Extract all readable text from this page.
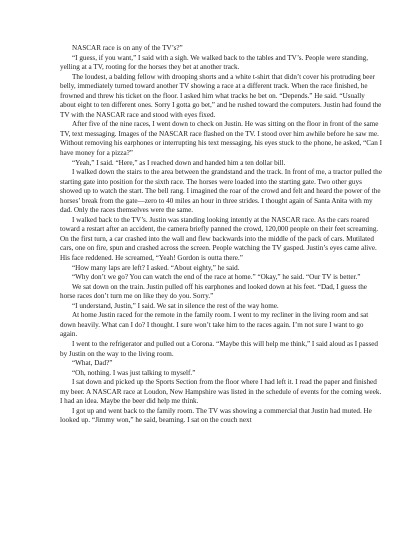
NASCAR race is on any of the TV’s?”

“I guess, if you want,” I said with a sigh. We walked back to the tables and TV’s. People were standing, yelling at a TV, rooting for the horses they bet at another track.

The loudest, a balding fellow with drooping shorts and a white t-shirt that didn’t cover his protruding beer belly, immediately turned toward another TV showing a race at a different track. When the race finished, he frowned and threw his ticket on the floor. I asked him what tracks he bet on. “Depends.” He said. “Usually about eight to ten different ones. Sorry I gotta go bet,” and he rushed toward the computers. Justin had found the TV with the NASCAR race and stood with eyes fixed.

After five of the nine races, I went down to check on Justin. He was sitting on the floor in front of the same TV, text messaging. Images of the NASCAR race flashed on the TV. I stood over him awhile before he saw me. Without removing his earphones or interrupting his text messaging, his eyes stuck to the phone, he asked, “Can I have money for a pizza?”

“Yeah,” I said. “Here,” as I reached down and handed him a ten dollar bill.

I walked down the stairs to the area between the grandstand and the track. In front of me, a tractor pulled the starting gate into position for the sixth race. The horses were loaded into the starting gate. Two other guys showed up to watch the start. The bell rang. I imagined the roar of the crowd and felt and heard the power of the horses’ break from the gate—zero to 40 miles an hour in three strides. I thought again of Santa Anita with my dad. Only the races themselves were the same.

I walked back to the TV’s. Justin was standing looking intently at the NASCAR race. As the cars roared toward a restart after an accident, the camera briefly panned the crowd, 120,000 people on their feet screaming. On the first turn, a car crashed into the wall and flew backwards into the middle of the pack of cars. Mutilated cars, one on fire, spun and crashed across the screen. People watching the TV gasped. Justin’s eyes came alive. His face reddened. He screamed, “Yeah! Gordon is outta there.”

“How many laps are left? I asked. “About eighty,” he said.

“Why don’t we go? You can watch the end of the race at home.” “Okay,” he said. “Our TV is better.”

We sat down on the train. Justin pulled off his earphones and looked down at his feet. “Dad, I guess the horse races don’t turn me on like they do you. Sorry.”

“I understand, Justin,” I said. We sat in silence the rest of the way home.

At home Justin raced for the remote in the family room. I went to my recliner in the living room and sat down heavily. What can I do? I thought. I sure won’t take him to the races again. I’m not sure I want to go again.

I went to the refrigerator and pulled out a Corona. “Maybe this will help me think,” I said aloud as I passed by Justin on the way to the living room.

“What, Dad?”

“Oh, nothing. I was just talking to myself.”

I sat down and picked up the Sports Section from the floor where I had left it. I read the paper and finished my beer. A NASCAR race at Loudon, New Hampshire was listed in the schedule of events for the coming week. I had an idea. Maybe the beer did help me think.

I got up and went back to the family room. The TV was showing a commercial that Justin had muted. He looked up. “Jimmy won,” he said, beaming. I sat on the couch next
